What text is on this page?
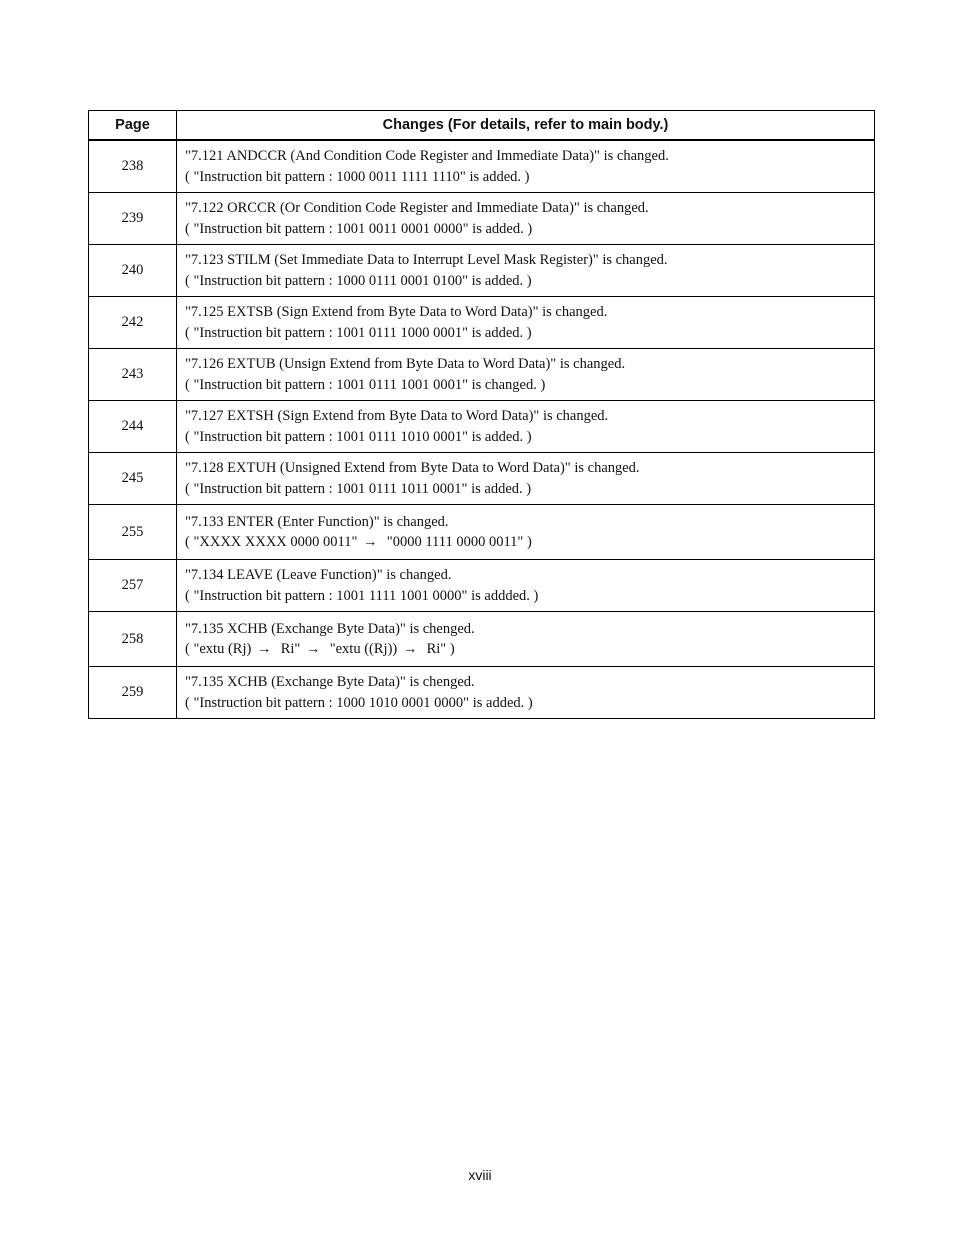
Page	Changes (For details, refer to main body.)
238	"7.121 ANDCCR (And Condition Code Register and Immediate Data)" is changed.
( "Instruction bit pattern : 1000 0011 1111 1110" is added. )

239	"7.122 ORCCR (Or Condition Code Register and Immediate Data)" is changed.
( "Instruction bit pattern : 1001 0011 0001 0000" is added. )

240	"7.123 STILM (Set Immediate Data to Interrupt Level Mask Register)" is changed.
( "Instruction bit pattern : 1000 0111 0001 0100" is added. )

242	"7.125 EXTSB (Sign Extend from Byte Data to Word Data)" is changed.
( "Instruction bit pattern : 1001 0111 1000 0001" is added. )

243	"7.126 EXTUB (Unsign Extend from Byte Data to Word Data)" is changed.
( "Instruction bit pattern : 1001 0111 1001 0001" is changed. )

244	"7.127 EXTSH (Sign Extend from Byte Data to Word Data)" is changed.
( "Instruction bit pattern : 1001 0111 1010 0001" is added. )

245	"7.128 EXTUH (Unsigned Extend from Byte Data to Word Data)" is changed.
( "Instruction bit pattern : 1001 0111 1011 0001" is added. )

255	"7.133 ENTER (Enter Function)" is changed.
( "XXXX XXXX 0000 0011" →  "0000 1111 0000 0011" )

257	"7.134 LEAVE (Leave Function)" is changed.
( "Instruction bit pattern : 1001 1111 1001 0000" is addded. )

258	"7.135 XCHB (Exchange Byte Data)" is chenged.
( "extu (Rj) →  Ri" →  "extu ((Rj)) →  Ri" )

259	"7.135 XCHB (Exchange Byte Data)" is chenged.
( "Instruction bit pattern : 1000 1010 0001 0000" is added. )
xviii
